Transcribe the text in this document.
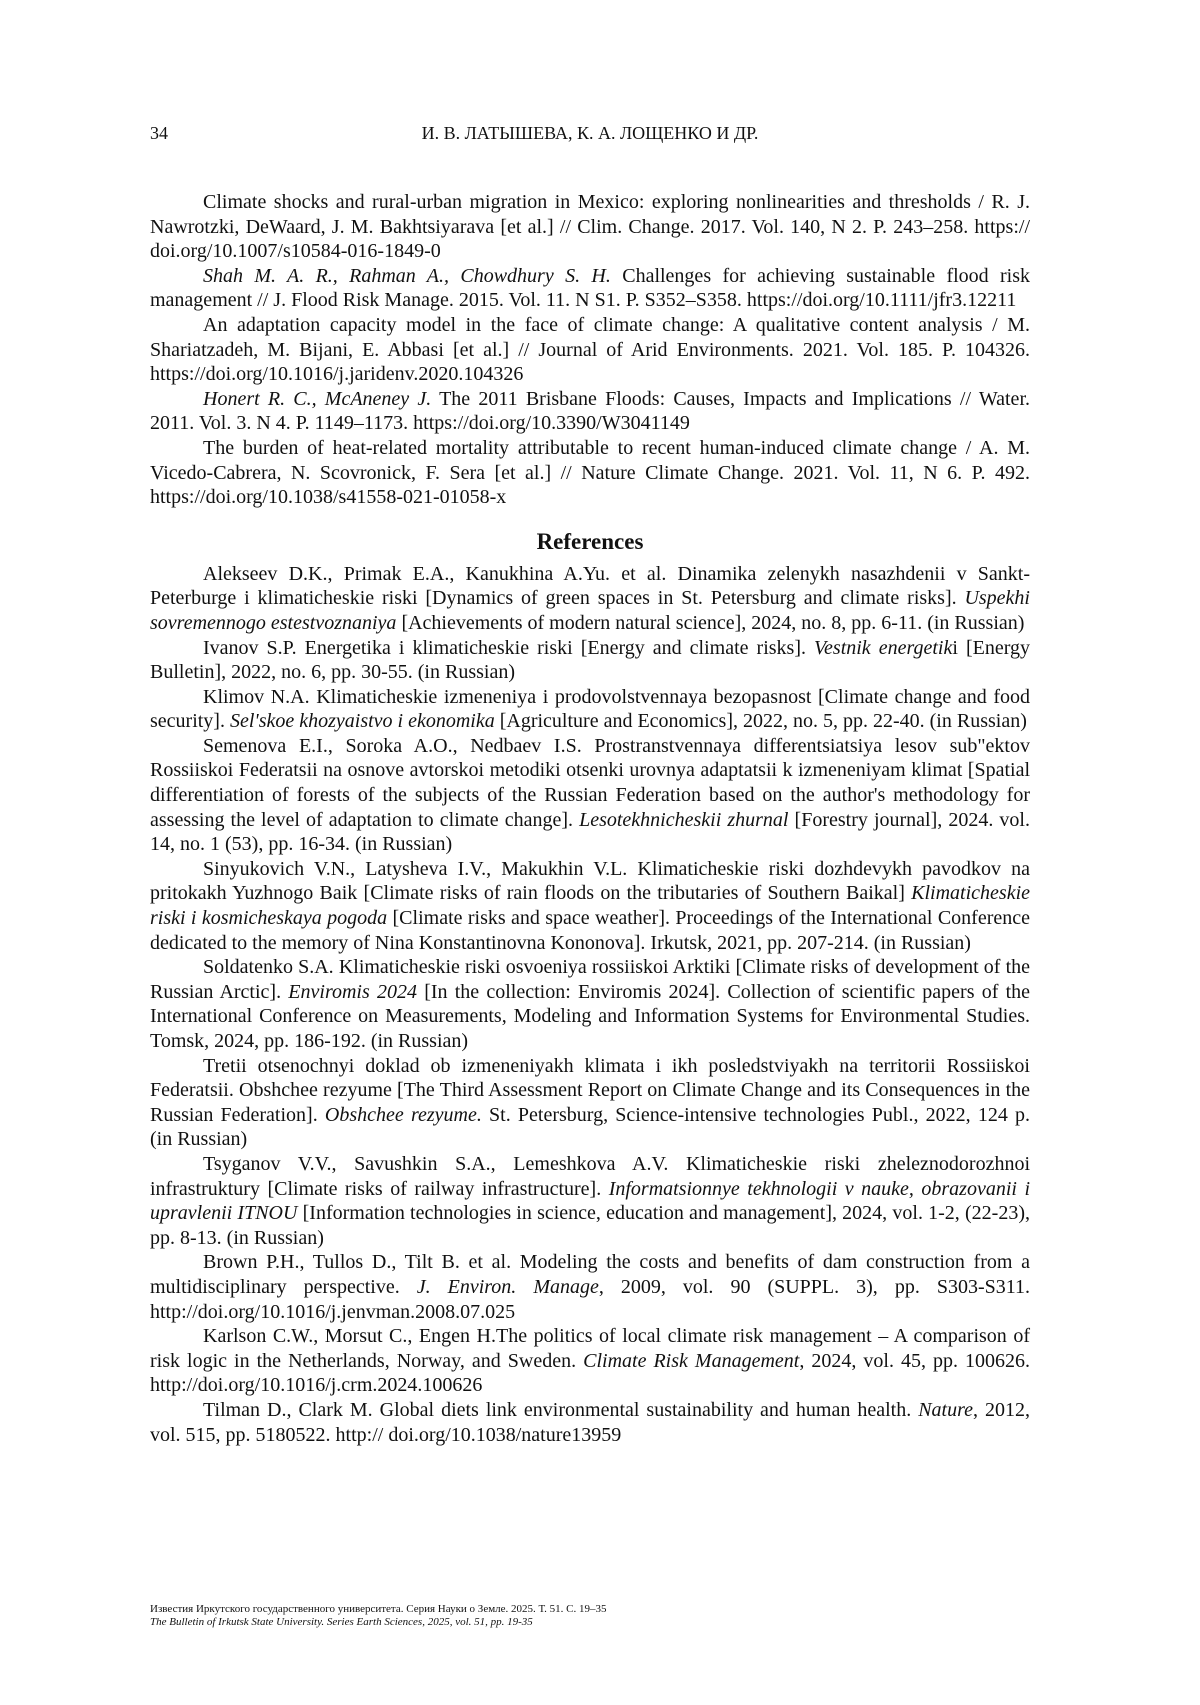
34	И. В. ЛАТЫШЕВА, К. А. ЛОЩЕНКО И ДР.

Climate shocks and rural-urban migration in Mexico: exploring nonlinearities and thresholds / R. J. Nawrotzki, DeWaard, J. M. Bakhtsiyarava [et al.] // Clim. Change. 2017. Vol. 140, N 2. P. 243–258. https:// doi.org/10.1007/s10584-016-1849-0

Shah M. A. R., Rahman A., Chowdhury S. H. Challenges for achieving sustainable flood risk management // J. Flood Risk Manage. 2015. Vol. 11. N S1. P. S352–S358. https://doi.org/10.1111/jfr3.12211

An adaptation capacity model in the face of climate change: A qualitative content analysis / M. Shariatzadeh, M. Bijani, E. Abbasi [et al.] // Journal of Arid Environments. 2021. Vol. 185. P. 104326. https://doi.org/10.1016/j.jaridenv.2020.104326

Honert R. C., McAneney J. The 2011 Brisbane Floods: Causes, Impacts and Implications // Water. 2011. Vol. 3. N 4. P. 1149–1173. https://doi.org/10.3390/W3041149

The burden of heat-related mortality attributable to recent human-induced climate change / A. M. Vicedo-Cabrera, N. Scovronick, F. Sera [et al.] // Nature Climate Change. 2021. Vol. 11, N 6. P. 492. https://doi.org/10.1038/s41558-021-01058-x

References

Alekseev D.K., Primak E.A., Kanukhina A.Yu. et al. Dinamika zelenykh nasazhdenii v Sankt-Peterburge i klimaticheskie riski [Dynamics of green spaces in St. Petersburg and climate risks]. Uspekhi sovremennogo estestvoznaniya [Achievements of modern natural science], 2024, no. 8, pp. 6-11. (in Russian)

Ivanov S.P. Energetika i klimaticheskie riski [Energy and climate risks]. Vestnik energetiki [Energy Bulletin], 2022, no. 6, pp. 30-55. (in Russian)

Klimov N.A. Klimaticheskie izmeneniya i prodovolstvennaya bezopasnost [Climate change and food security]. Sel'skoe khozyaistvo i ekonomika [Agriculture and Economics], 2022, no. 5, pp. 22-40. (in Russian)

Semenova E.I., Soroka A.O., Nedbaev I.S. Prostranstvennaya differentsiatsiya lesov sub"ektov Rossiiskoi Federatsii na osnove avtorskoi metodiki otsenki urovnya adaptatsii k izmeneniyam klimat [Spatial differentiation of forests of the subjects of the Russian Federation based on the author's methodology for assessing the level of adaptation to climate change]. Lesotekhnicheskii zhurnal [Forestry journal], 2024. vol. 14, no. 1 (53), pp. 16-34. (in Russian)

Sinyukovich V.N., Latysheva I.V., Makukhin V.L. Klimaticheskie riski dozhdevykh pavodkov na pritokakh Yuzhnogo Baik [Climate risks of rain floods on the tributaries of Southern Baikal] Klimaticheskie riski i kosmicheskaya pogoda [Climate risks and space weather]. Proceedings of the International Conference dedicated to the memory of Nina Konstantinovna Kononova]. Irkutsk, 2021, pp. 207-214. (in Russian)

Soldatenko S.A. Klimaticheskie riski osvoeniya rossiiskoi Arktiki [Climate risks of development of the Russian Arctic]. Enviromis 2024 [In the collection: Enviromis 2024]. Collection of scientific papers of the International Conference on Measurements, Modeling and Information Systems for Environmental Studies. Tomsk, 2024, pp. 186-192. (in Russian)

Tretii otsenochnyi doklad ob izmeneniyakh klimata i ikh posledstviyakh na territorii Rossiiskoi Federatsii. Obshchee rezyume [The Third Assessment Report on Climate Change and its Consequences in the Russian Federation]. Obshchee rezyume. St. Petersburg, Science-intensive technologies Publ., 2022, 124 p. (in Russian)

Tsyganov V.V., Savushkin S.A., Lemeshkova A.V. Klimaticheskie riski zheleznodorozhnoi infrastruktury [Climate risks of railway infrastructure]. Informatsionnye tekhnologii v nauke, obrazovanii i upravlenii ITNOU [Information technologies in science, education and management], 2024, vol. 1-2, (22-23), pp. 8-13. (in Russian)

Brown P.H., Tullos D., Tilt B. et al. Modeling the costs and benefits of dam construction from a multidisciplinary perspective. J. Environ. Manage, 2009, vol. 90 (SUPPL. 3), pp. S303-S311. http://doi.org/10.1016/j.jenvman.2008.07.025

Karlson C.W., Morsut C., Engen H.The politics of local climate risk management – A comparison of risk logic in the Netherlands, Norway, and Sweden. Climate Risk Management, 2024, vol. 45, pp. 100626. http://doi.org/10.1016/j.crm.2024.100626

Tilman D., Clark M. Global diets link environmental sustainability and human health. Nature, 2012, vol. 515, pp. 5180522. http:// doi.org/10.1038/nature13959

Известия Иркутского государственного университета. Серия Науки о Земле. 2025. Т. 51. С. 19–35
The Bulletin of Irkutsk State University. Series Earth Sciences, 2025, vol. 51, pp. 19-35
